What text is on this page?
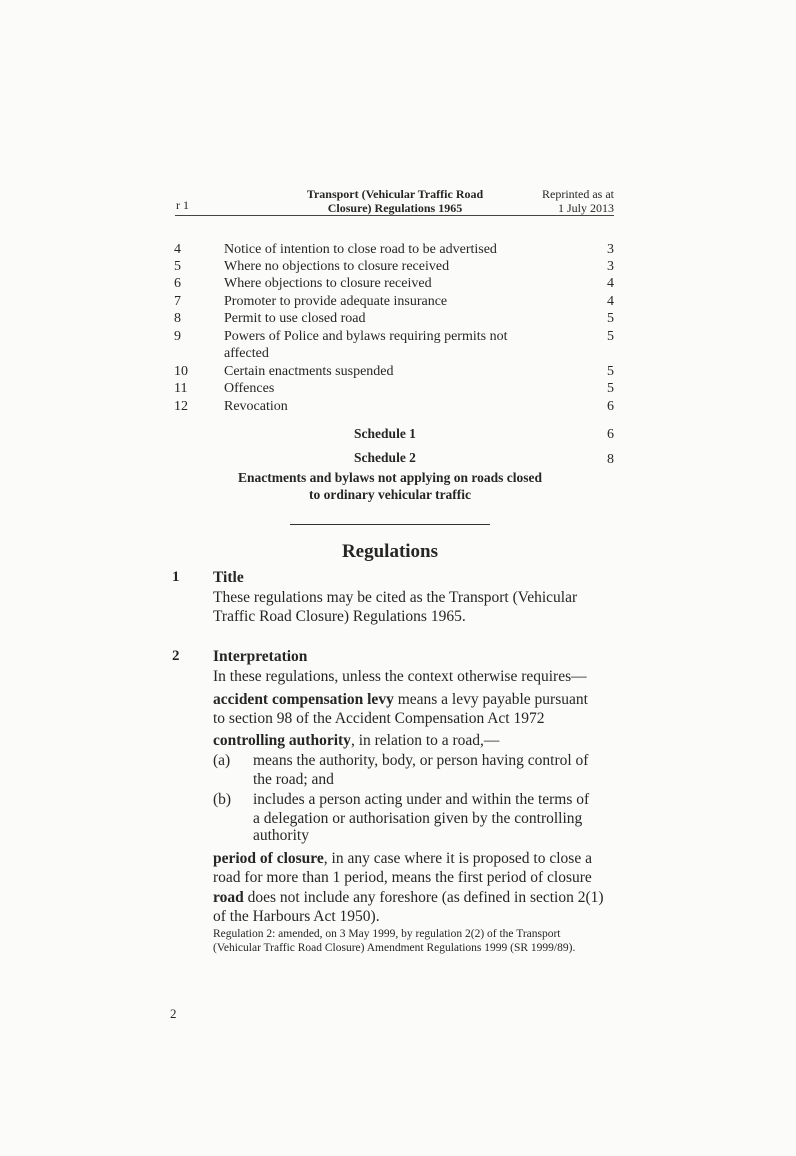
r 1
Transport (Vehicular Traffic Road
Closure) Regulations 1965
Reprinted as at
1 July 2013
4	Notice of intention to close road to be advertised	3
5	Where no objections to closure received	3
6	Where objections to closure received	4
7	Promoter to provide adequate insurance	4
8	Permit to use closed road	5
9	Powers of Police and bylaws requiring permits not	5
affected
10	Certain enactments suspended	5
11	Offences	5
12	Revocation	6
Schedule 1	6
Schedule 2	8
Enactments and bylaws not applying on roads closed
to ordinary vehicular traffic
Regulations
1 Title
These regulations may be cited as the Transport (Vehicular
Traffic Road Closure) Regulations 1965.
2 Interpretation
In these regulations, unless the context otherwise requires—
accident compensation levy means a levy payable pursuant
to section 98 of the Accident Compensation Act 1972
controlling authority, in relation to a road,—
(a) means the authority, body, or person having control of
the road; and
(b) includes a person acting under and within the terms of
a delegation or authorisation given by the controlling
authority
period of closure, in any case where it is proposed to close a
road for more than 1 period, means the first period of closure
road does not include any foreshore (as defined in section 2(1)
of the Harbours Act 1950).
Regulation 2: amended, on 3 May 1999, by regulation 2(2) of the Transport
(Vehicular Traffic Road Closure) Amendment Regulations 1999 (SR 1999/89).
2
